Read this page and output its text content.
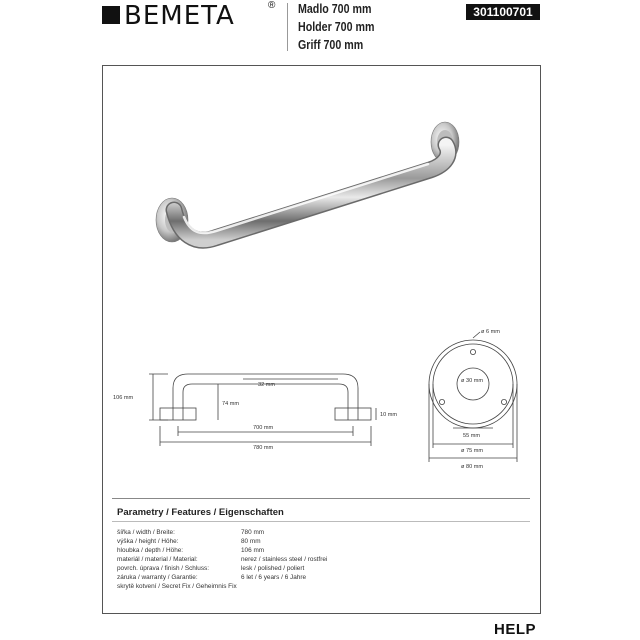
BEMETA	® Madlo 700 mm
Holder 700 mm
Griff 700 mm
301100701
106 mm
32 mm
74 mm
10 mm
700 mm
780 mm
ø 6 mm
ø 30 mm
55 mm
ø 75 mm
ø 80 mm
Parametry / Features / Eigenschaften
šířka / width / Breite:	780 mm
výška / height / Höhe:	80 mm
hloubka / depth / Höhe:	106 mm
materiál / material / Material:	nerez / stainless steel / rostfrei
povrch. úprava / finish / Schluss:	lesk / polished / poliert
záruka / warranty / Garantie:	6 let / 6 years / 6 Jahre
skrytě kotvení / Secret Fix / Geheimnis Fix
HELP
